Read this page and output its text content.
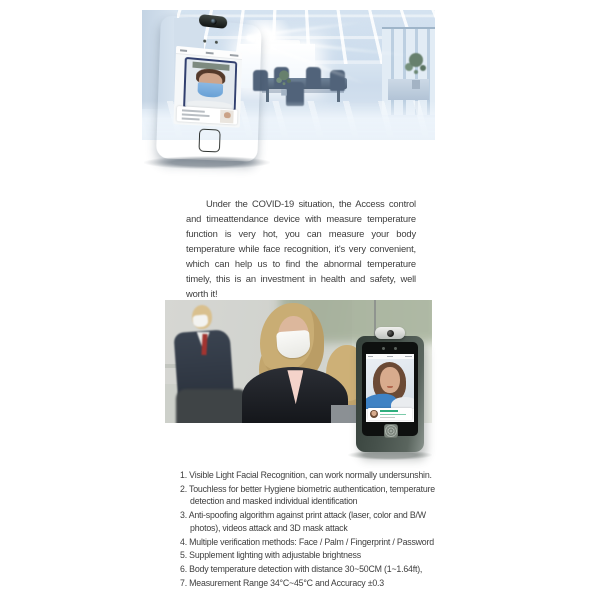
Under the COVID-19 situation, the Access control and timeattendance device with measure temperature function is very hot, you can measure your body temperature while face recognition, it's very convenient, which can help us to find the abnormal temperature timely, this is an investment in health and safety, well worth it!

1. Visible Light Facial Recognition, can work normally undersunshin.
2. Touchless for better Hygiene biometric authentication, temperature detection and masked individual identification
3. Anti-spoofing algorithm against print attack (laser, color and B/W photos), videos attack and 3D mask attack
4. Multiple verification methods: Face / Palm / Fingerprint / Password
5. Supplement lighting with adjustable brightness
6. Body temperature detection with distance 30~50CM (1~1.64ft),
7. Measurement Range 34°C~45°C and Accuracy ±0.3
